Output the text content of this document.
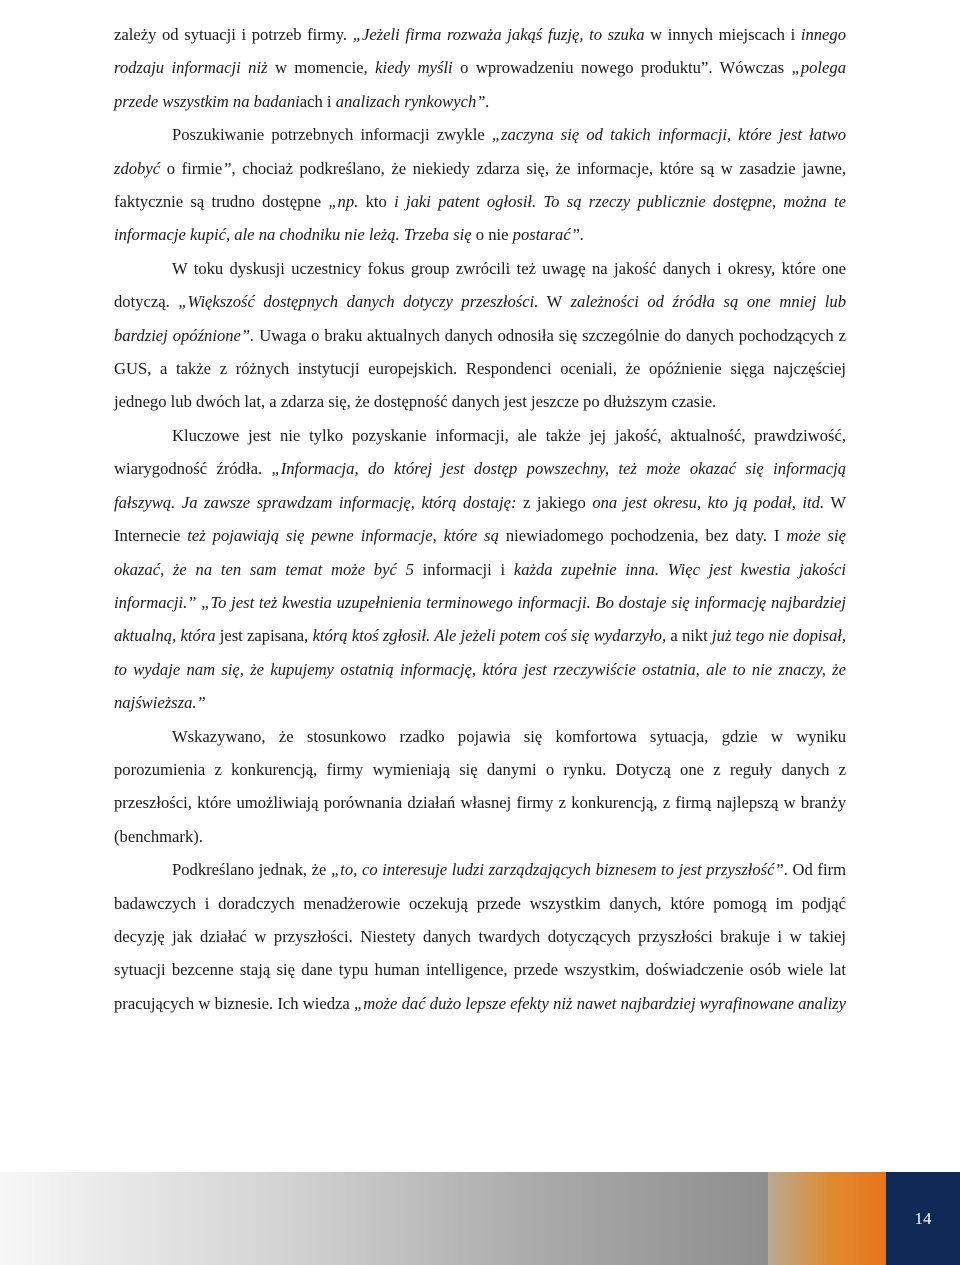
zależy od sytuacji i potrzeb firmy. „Jeżeli firma rozważa jakąś fuzję, to szuka w innych miejscach i innego rodzaju informacji niż w momencie, kiedy myśli o wprowadzeniu nowego produktu”. Wówczas „polega przede wszystkim na badaniach i analizach rynkowych”.

Poszukiwanie potrzebnych informacji zwykle „zaczyna się od takich informacji, które jest łatwo zdobyć o firmie”, chociaż podkreślano, że niekiedy zdarza się, że informacje, które są w zasadzie jawne, faktycznie są trudno dostępne „np. kto i jaki patent ogłosił. To są rzeczy publicznie dostępne, można te informacje kupić, ale na chodniku nie leżą. Trzeba się o nie postarać”.

W toku dyskusji uczestnicy fokus group zwrócili też uwagę na jakość danych i okresy, które one dotyczą. „Większość dostępnych danych dotyczy przeszłości. W zależności od źródła są one mniej lub bardziej opóźnione”. Uwaga o braku aktualnych danych odnosiła się szczególnie do danych pochodzących z GUS, a także z różnych instytucji europejskich. Respondenci oceniali, że opóźnienie sięga najczęściej jednego lub dwóch lat, a zdarza się, że dostępność danych jest jeszcze po dłuższym czasie.

Kluczowe jest nie tylko pozyskanie informacji, ale także jej jakość, aktualność, prawdziwość, wiarygodność źródła. „Informacja, do której jest dostęp powszechny, też może okazać się informacją fałszywą. Ja zawsze sprawdzam informację, którą dostaję: z jakiego ona jest okresu, kto ją podał, itd. W Internecie też pojawiają się pewne informacje, które są niewiadomego pochodzenia, bez daty. I może się okazać, że na ten sam temat może być 5 informacji i każda zupełnie inna. Więc jest kwestia jakości informacji.” „To jest też kwestia uzupełnienia terminowego informacji. Bo dostaje się informację najbardziej aktualną, która jest zapisana, którą ktoś zgłosił. Ale jeżeli potem coś się wydarzyło, a nikt już tego nie dopisał, to wydaje nam się, że kupujemy ostatnią informację, która jest rzeczywiście ostatnia, ale to nie znaczy, że najświeższa.”

Wskazywano, że stosunkowo rzadko pojawia się komfortowa sytuacja, gdzie w wyniku porozumienia z konkurencją, firmy wymieniają się danymi o rynku. Dotyczą one z reguły danych z przeszłości, które umożliwiają porównania działań własnej firmy z konkurencją, z firmą najlepszą w branży (benchmark).

Podkreślano jednak, że „to, co interesuje ludzi zarządzających biznesem to jest przyszłość”. Od firm badawczych i doradczych menadżerowie oczekują przede wszystkim danych, które pomogą im podjąć decyzję jak działać w przyszłości. Niestety danych twardych dotyczących przyszłości brakuje i w takiej sytuacji bezcenne stają się dane typu human intelligence, przede wszystkim, doświadczenie osób wiele lat pracujących w biznesie. Ich wiedza „może dać dużo lepsze efekty niż nawet najbardziej wyrafinowane analizy

14
